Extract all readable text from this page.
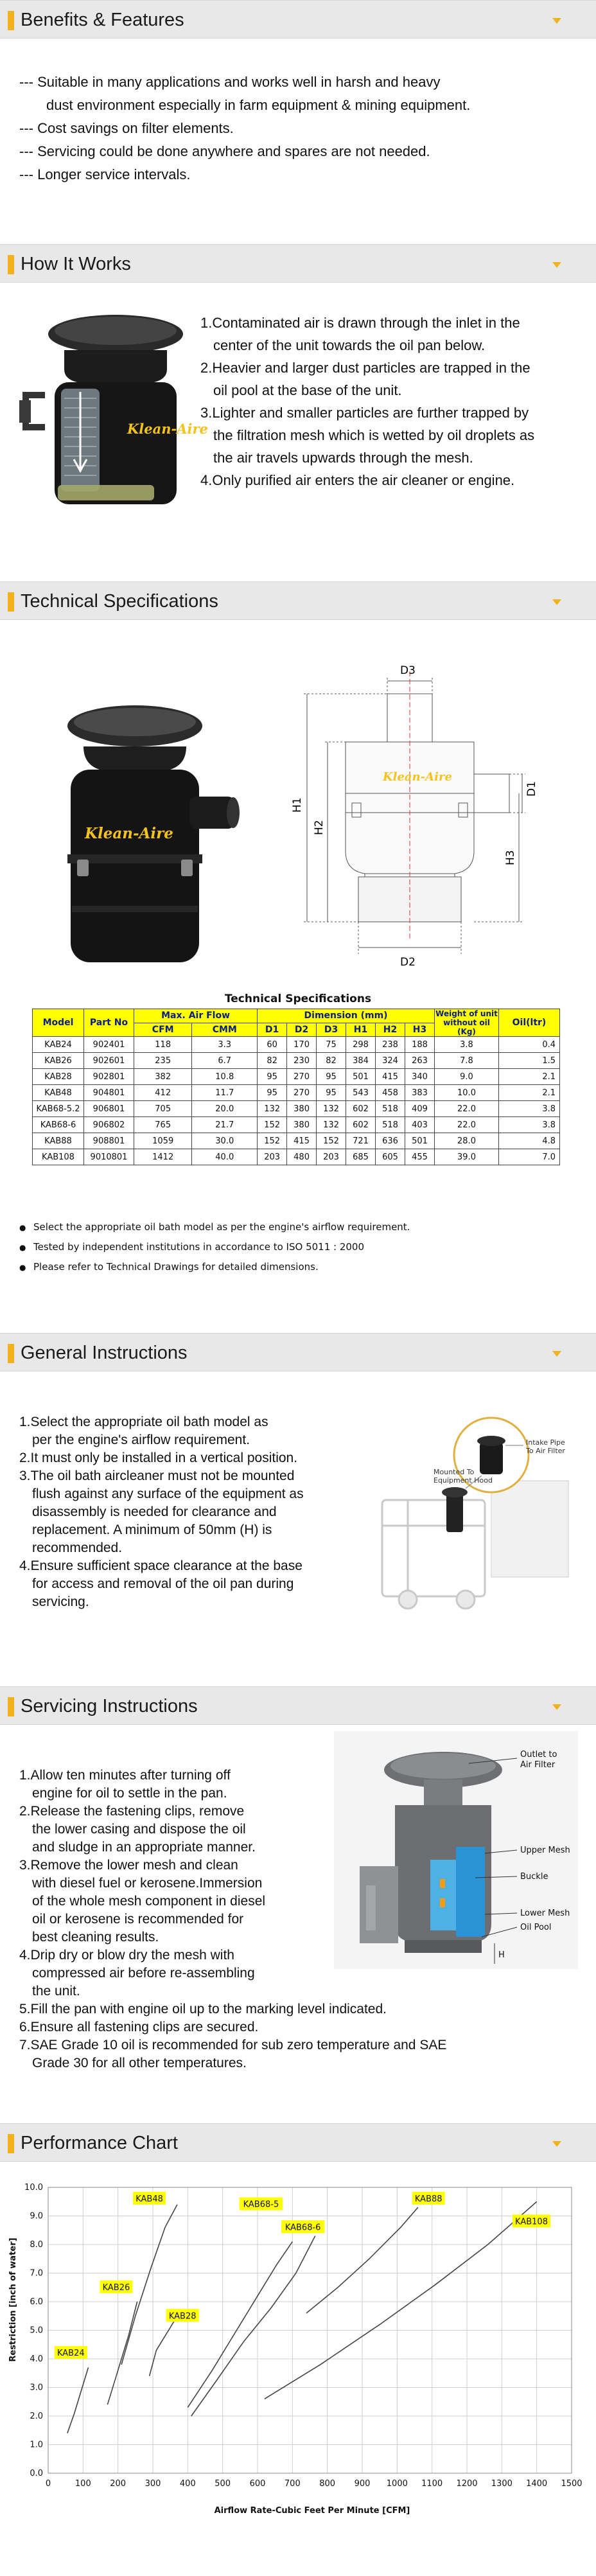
Benefits & Features
--- Suitable in many applications and works well in harsh and heavy
dust environment especially in farm equipment & mining equipment.
--- Cost savings on filter elements.
--- Servicing could be done anywhere and spares are not needed.
--- Longer service intervals.
How It Works
Klean-Aire
1.Contaminated air is drawn through the inlet in the
center of the unit towards the oil pan below.
2.Heavier and larger dust particles are trapped in the
oil pool at the base of the unit.
3.Lighter and smaller particles are further trapped by
the filtration mesh which is wetted by oil droplets as
the air travels upwards through the mesh.
4.Only purified air enters the air cleaner or engine.
Technical Specifications
Klean-Aire
D3
D2
D1
H1
H2
H3
Klean-Aire
Technical Specifications
Model	Part No	Max. Air Flow		Dimension (mm)						Weight of unit without oil (Kg)	Oil(ltr)
		CFM	CMM	D1	D2	D3	H1	H2	H3		
KAB24	902401	118	3.3	60	170	75	298	238	188	3.8	0.4
KAB26	902601	235	6.7	82	230	82	384	324	263	7.8	1.5
KAB28	902801	382	10.8	95	270	95	501	415	340	9.0	2.1
KAB48	904801	412	11.7	95	270	95	543	458	383	10.0	2.1
KAB68-5.2	906801	705	20.0	132	380	132	602	518	409	22.0	3.8
KAB68-6	906802	765	21.7	152	380	132	602	518	403	22.0	3.8
KAB88	908801	1059	30.0	152	415	152	721	636	501	28.0	4.8
KAB108	9010801	1412	40.0	203	480	203	685	605	455	39.0	7.0
● Select the appropriate oil bath model as per the engine's airflow requirement.
● Tested by independent institutions in accordance to ISO 5011 : 2000
● Please refer to Technical Drawings for detailed dimensions.
General Instructions
1.Select the appropriate oil bath model as
per the engine's airflow requirement.
2.It must only be installed in a vertical position.
3.The oil bath aircleaner must not be mounted
flush against any surface of the equipment as
disassembly is needed for clearance and
replacement. A minimum of 50mm (H) is
recommended.
4.Ensure sufficient space clearance at the base
for access and removal of the oil pan during
servicing.
Intake Pipe
To Air Filter
Mounted To
Equipment Hood
Servicing Instructions
1.Allow ten minutes after turning off
engine for oil to settle in the pan.
2.Release the fastening clips, remove
the lower casing and dispose the oil
and sludge in an appropriate manner.
3.Remove the lower mesh and clean
with diesel fuel or kerosene.Immersion
of the whole mesh component in diesel
oil or kerosene is recommended for
best cleaning results.
4.Drip dry or blow dry the mesh with
compressed air before re-assembling
the unit.
5.Fill the pan with engine oil up to the marking level indicated.
6.Ensure all fastening clips are secured.
7.SAE Grade 10 oil is recommended for sub zero temperature and SAE
Grade 30 for all other temperatures.
Outlet to
Air Filter
Upper Mesh
Buckle
Lower Mesh
Oil Pool
H
Performance Chart
0.0
1.0
2.0
3.0
4.0
5.0
6.0
7.0
8.0
9.0
10.0
0	100 200 300 400 500 600 700 800 900 1000 1100 1200 1300 1400 1500
KAB24
KAB26
KAB28
KAB48
KAB68-5
KAB68-6
KAB88
KAB108
Airflow Rate-Cubic Feet Per Minute [CFM]
Restriction [inch of water]
